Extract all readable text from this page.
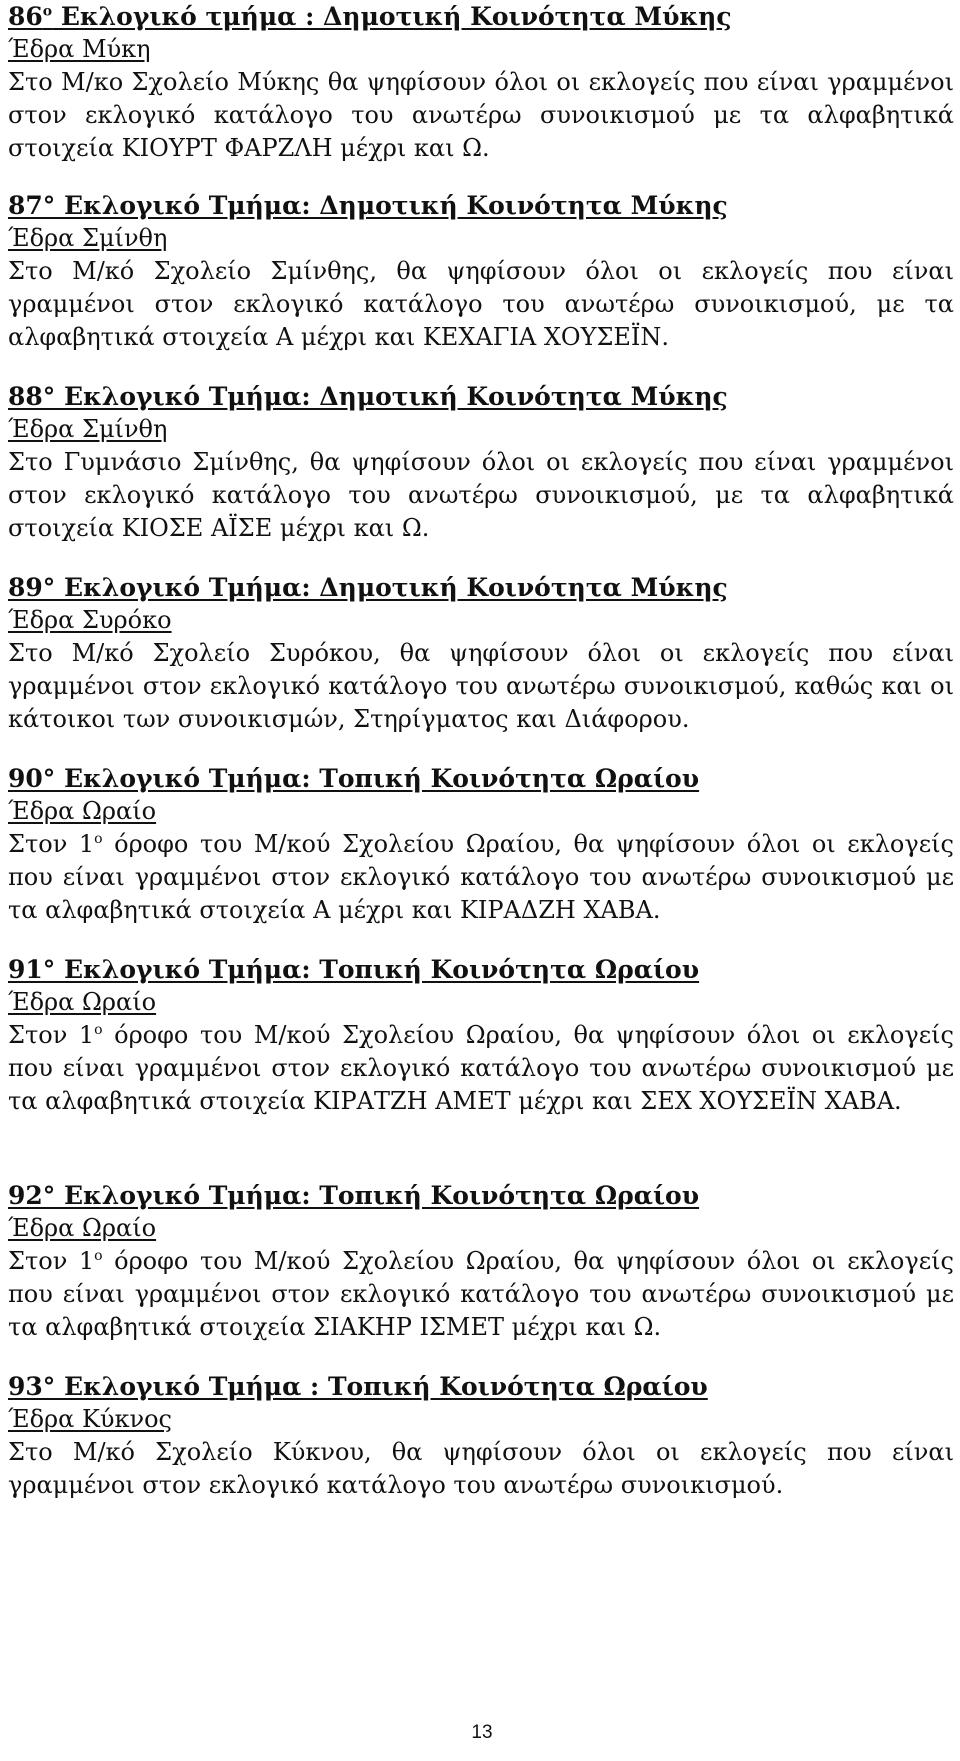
$86^o$ Εκλογικό τμήμα : Δημοτική Κοινότητα Μύκης
Έδρα Μύκη
Στο Μ/κο Σχολείο Μύκης θα ψηφίσουν όλοι οι εκλογείς που είναι γραμμένοι στον εκλογικό κατάλογο του ανωτέρω συνοικισμού με τα αλφαβητικά στοιχεία ΚΙΟΥΡΤ ΦΑΡΖΛΗ μέχρι και Ω.
87° Εκλογικό Τμήμα: Δημοτική Κοινότητα Μύκης
Έδρα Σμίνθη
Στο Μ/κό Σχολείο Σμίνθης, θα ψηφίσουν όλοι οι εκλογείς που είναι γραμμένοι στον εκλογικό κατάλογο του ανωτέρω συνοικισμού, με τα αλφαβητικά στοιχεία Α μέχρι και ΚΕΧΑΓΙΑ ΧΟΥΣΕΪΝ.
88° Εκλογικό Τμήμα: Δημοτική Κοινότητα Μύκης
Έδρα Σμίνθη
Στο Γυμνάσιο Σμίνθης, θα ψηφίσουν όλοι οι εκλογείς που είναι γραμμένοι στον εκλογικό κατάλογο του ανωτέρω συνοικισμού, με τα αλφαβητικά στοιχεία ΚΙΟΣΕ ΑΪΣΕ μέχρι και Ω.
89° Εκλογικό Τμήμα: Δημοτική Κοινότητα Μύκης
Έδρα Συρόκο
Στο Μ/κό Σχολείο Συρόκου, θα ψηφίσουν όλοι οι εκλογείς που είναι γραμμένοι στον εκλογικό κατάλογο του ανωτέρω συνοικισμού, καθώς και οι κάτοικοι των συνοικισμών, Στηρίγματος και Διάφορου.
90° Εκλογικό Τμήμα: Τοπική Κοινότητα Ωραίου
Έδρα Ωραίο
Στον $1^o$ όροφο του Μ/κού Σχολείου Ωραίου, θα ψηφίσουν όλοι οι εκλογείς που είναι γραμμένοι στον εκλογικό κατάλογο του ανωτέρω συνοικισμού με τα αλφαβητικά στοιχεία Α μέχρι και ΚΙΡΑΔΖΗ ΧΑΒΑ.
91° Εκλογικό Τμήμα: Τοπική Κοινότητα Ωραίου
Έδρα Ωραίο
Στον $1^o$ όροφο του Μ/κού Σχολείου Ωραίου, θα ψηφίσουν όλοι οι εκλογείς που είναι γραμμένοι στον εκλογικό κατάλογο του ανωτέρω συνοικισμού με τα αλφαβητικά στοιχεία ΚΙΡΑΤΖΗ ΑΜΕΤ μέχρι και ΣΕΧ ΧΟΥΣΕΪΝ ΧΑΒΑ.
92° Εκλογικό Τμήμα: Τοπική Κοινότητα Ωραίου
Έδρα Ωραίο
Στον $1^o$ όροφο του Μ/κού Σχολείου Ωραίου, θα ψηφίσουν όλοι οι εκλογείς που είναι γραμμένοι στον εκλογικό κατάλογο του ανωτέρω συνοικισμού με τα αλφαβητικά στοιχεία ΣΙΑΚΗΡ ΙΣΜΕΤ μέχρι και Ω.
93° Εκλογικό Τμήμα : Τοπική Κοινότητα Ωραίου
Έδρα Κύκνος
Στο Μ/κό Σχολείο Κύκνου, θα ψηφίσουν όλοι οι εκλογείς που είναι γραμμένοι στον εκλογικό κατάλογο του ανωτέρω συνοικισμού.
13
